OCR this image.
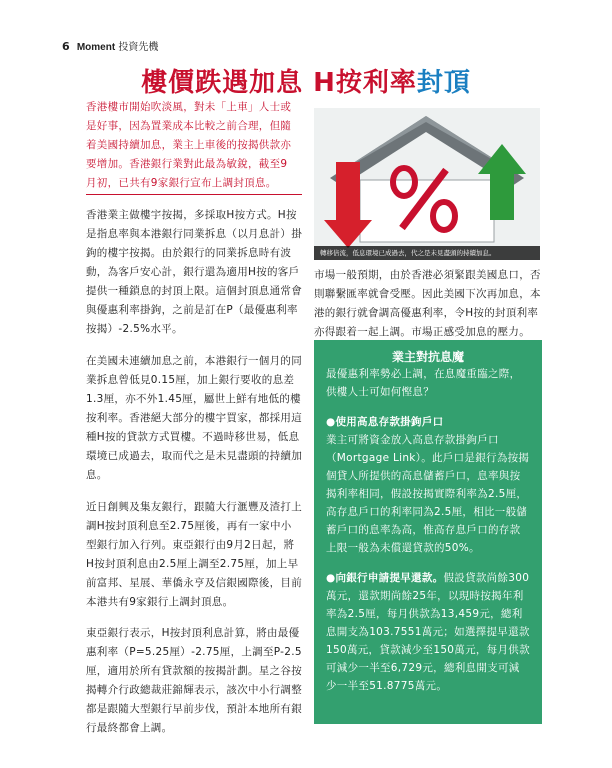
6 Moment 投資先機
樓價跌遇加息 H按利率封頂
香港樓市開始吹淡風，對未「上車」人士或是好事，因為置業成本比較之前合理，但隨着美國持續加息，業主上車後的按揭供款亦要增加。香港銀行業對此最為敏銳，截至9月初，已共有9家銀行宣布上調封頂息。
香港業主做樓宇按揭，多採取H按方式。H按是指息率與本港銀行同業拆息（以月息計）掛鉤的樓宇按揭。由於銀行的同業拆息時有波動，為客戶安心計，銀行還為適用H按的客戶提供一種鎖息的封頂上限。這個封頂息通常會與優惠利率掛鉤，之前是訂在P（最優惠利率按揭）-2.5%水平。
在美國未連續加息之前，本港銀行一個月的同業拆息曾低見0.15厘，加上銀行要收的息差1.3厘，亦不外1.45厘，屬世上鮮有地低的樓按利率。香港絕大部分的樓宇買家，都採用這種H按的貸款方式買樓。不過時移世易，低息環境已成過去，取而代之是未見盡頭的持續加息。
近日創興及集友銀行，跟隨大行滙豐及渣打上調H按封頂利息至2.75厘後，再有一家中小型銀行加入行列。東亞銀行由9月2日起，將H按封頂利息由2.5厘上調至2.75厘，加上早前富邦、星展、華僑永亨及信銀國際後，目前本港共有9家銀行上調封頂息。
東亞銀行表示，H按封頂利息計算，將由最優惠利率（P=5.25厘）-2.75厘，上調至P-2.5厘，適用於所有貸款額的按揭計劃。星之谷按揭轉介行政總裁莊錦輝表示，該次中小行調整都是跟隨大型銀行早前步伐，預計本地所有銀行最終都會上調。
轉移倍流，低息環境已成過去，代之是未見盡頭的持續加息。
市場一般預期，由於香港必須緊跟美國息口，否則聯繫匯率就會受壓。因此美國下次再加息，本港的銀行就會調高優惠利率，令H按的封頂利率亦得跟着一起上調。市場正感受加息的壓力。
業主對抗息魔

最優惠利率勢必上調，在息魔重臨之際，供樓人士可如何慳息？

●使用高息存款掛鉤戶口

業主可將資金放入高息存款掛鉤戶口（Mortgage Link）。此戶口是銀行為按揭個貸人所提供的高息儲蓄戶口，息率與按揭利率相同，假設按揭實際利率為2.5厘，高存息戶口的利率同為2.5厘，相比一般儲蓄戶口的息率為高，惟高存息戶口的存款上限一般為未償還貸款的50%。

●向銀行申請提早還款。假設貸款尚餘300萬元，還款期尚餘25年，以現時按揭年利率為2.5厘，每月供款為13,459元，總利息開支為103.7551萬元；如選擇提早還款150萬元，貸款減少至150萬元，每月供款可減少一半至6,729元，總利息開支可減少一半至51.8775萬元。
